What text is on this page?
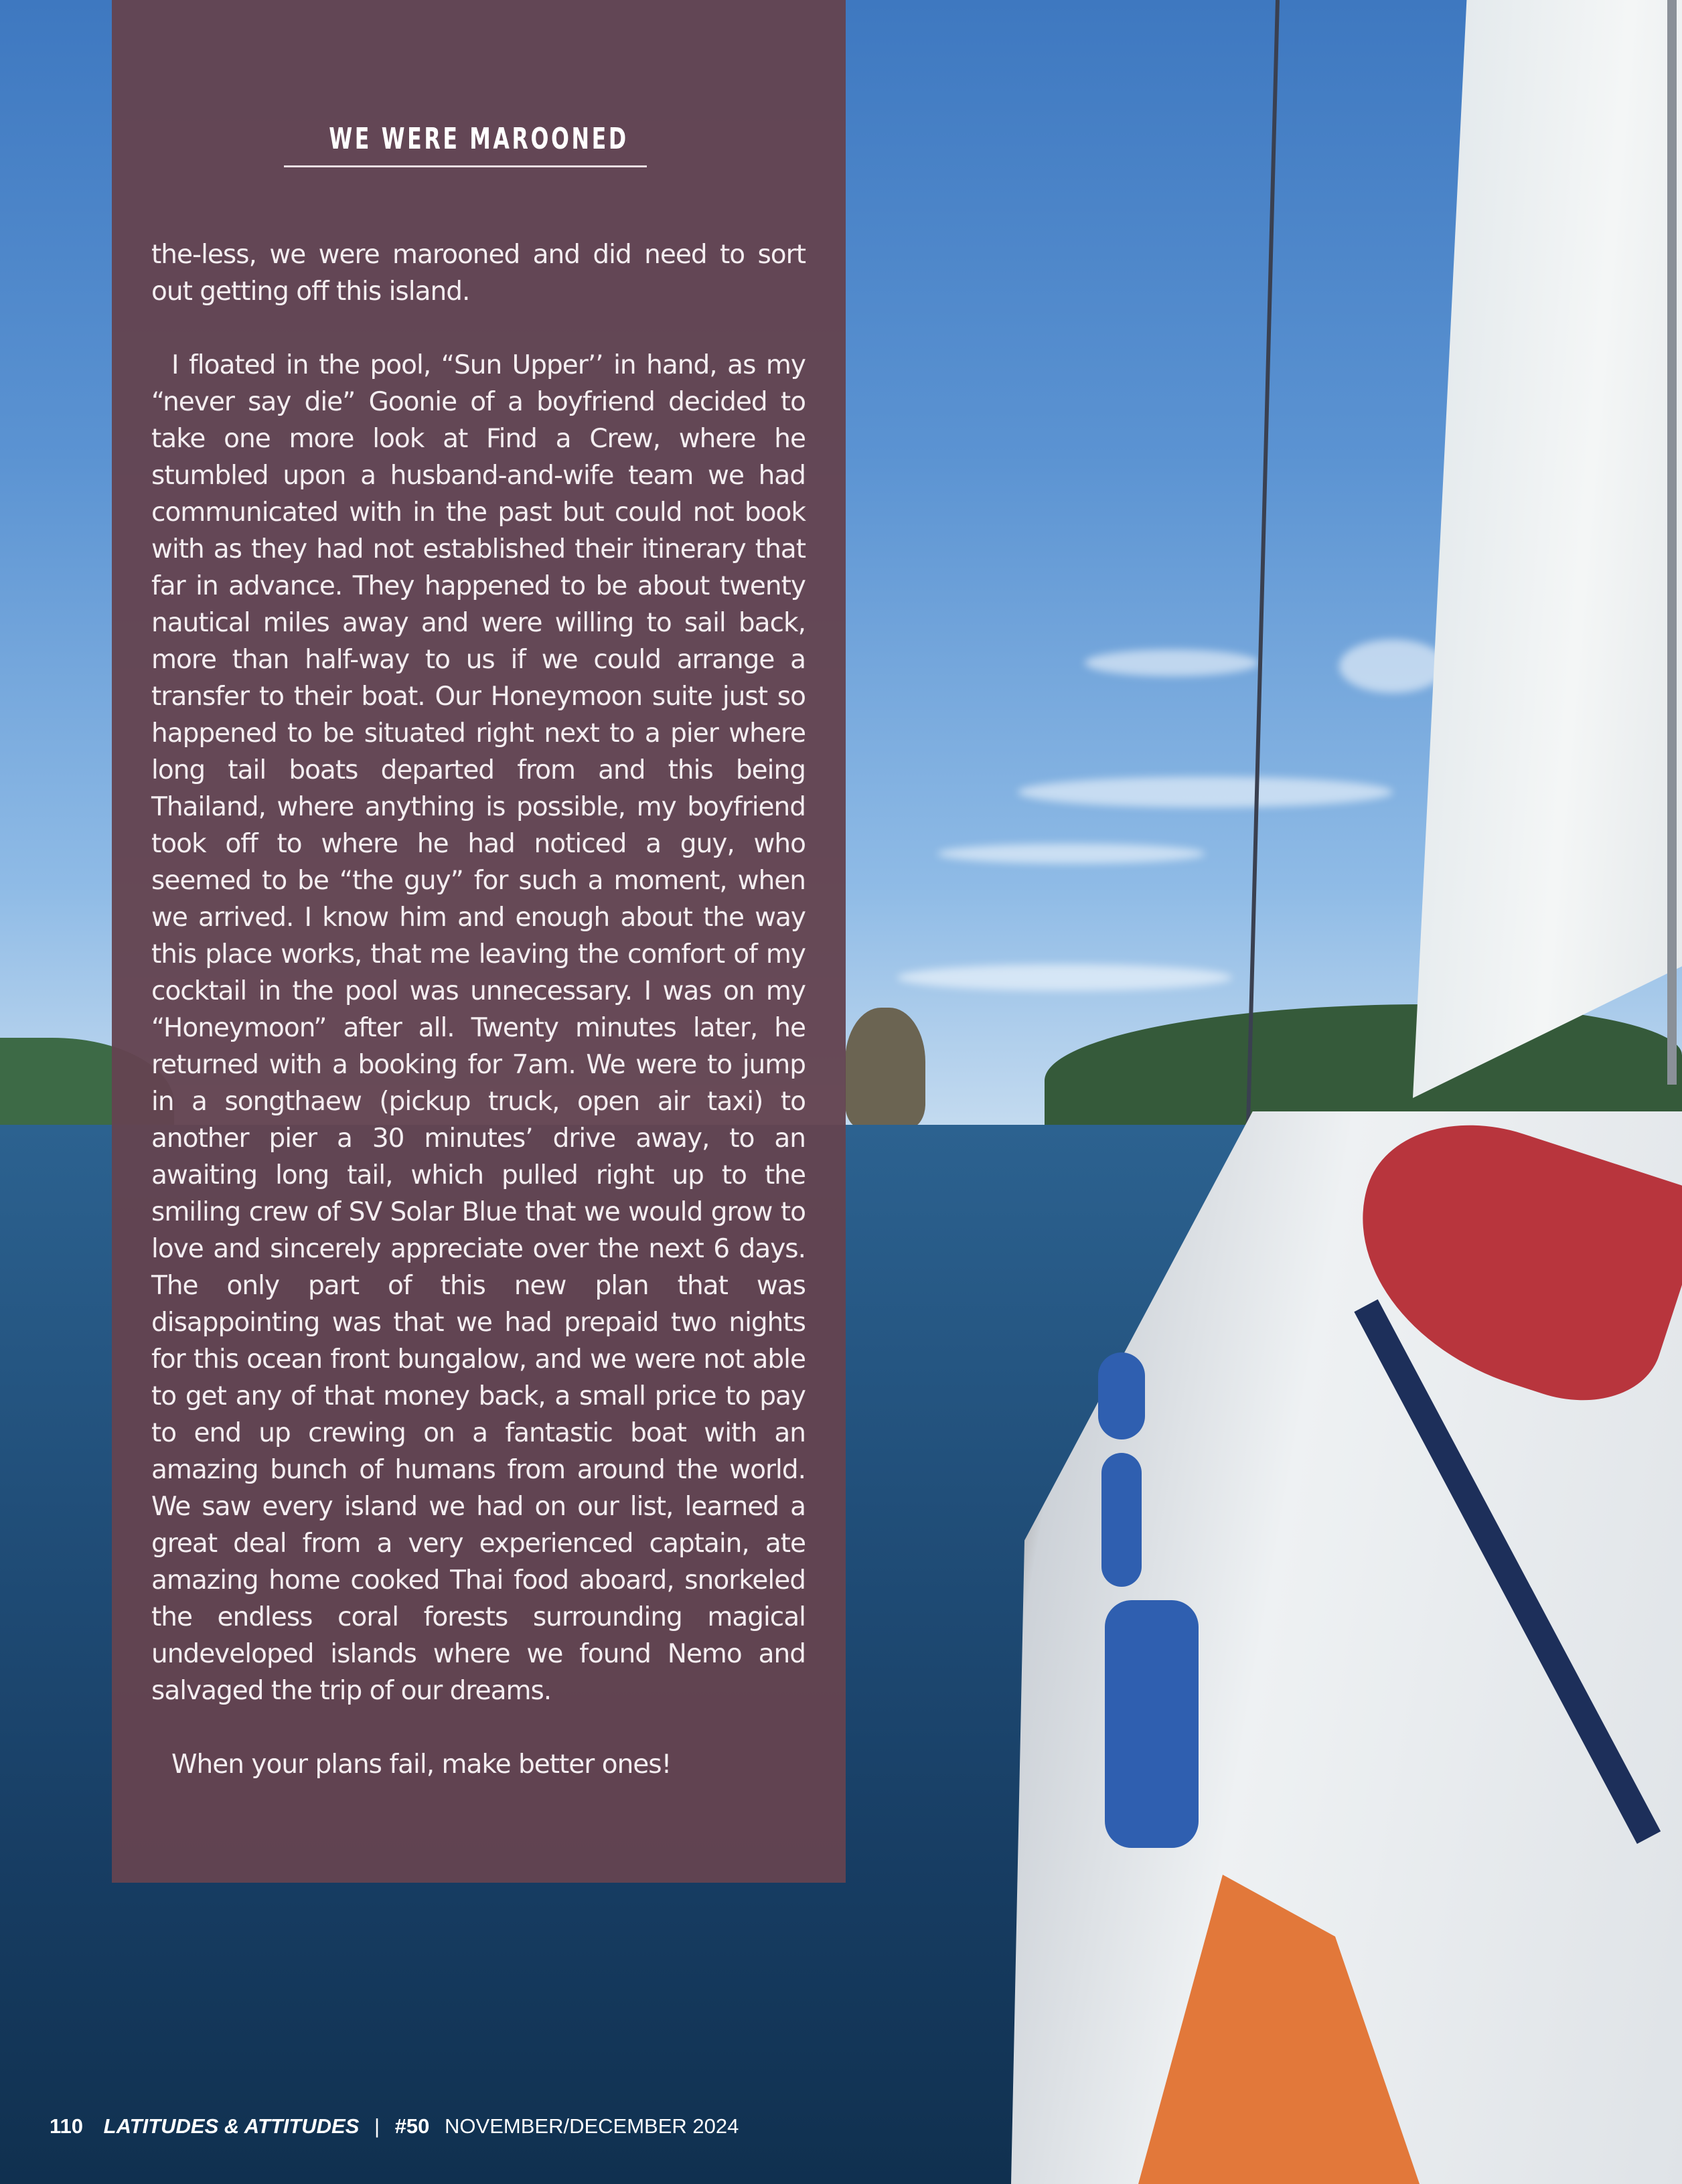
WE WERE MAROONED

the-less, we were marooned and did need to sort out getting off this island.

I floated in the pool, “Sun Upper’’ in hand, as my “never say die” Goonie of a boyfriend decided to take one more look at Find a Crew, where he stumbled upon a husband-and-wife team we had communicated with in the past but could not book with as they had not established their itinerary that far in advance. They happened to be about twenty nautical miles away and were willing to sail back, more than half-way to us if we could arrange a transfer to their boat. Our Honeymoon suite just so happened to be situated right next to a pier where long tail boats departed from and this being Thailand, where anything is possible, my boyfriend took off to where he had noticed a guy, who seemed to be “the guy” for such a moment, when we arrived. I know him and enough about the way this place works, that me leaving the comfort of my cocktail in the pool was unnecessary. I was on my “Honeymoon” after all. Twenty minutes later, he returned with a booking for 7am. We were to jump in a songthaew (pickup truck, open air taxi) to another pier a 30 minutes’ drive away, to an awaiting long tail, which pulled right up to the smiling crew of SV Solar Blue that we would grow to love and sincerely appreciate over the next 6 days. The only part of this new plan that was disappointing was that we had prepaid two nights for this ocean front bungalow, and we were not able to get any of that money back, a small price to pay to end up crewing on a fantastic boat with an amazing bunch of humans from around the world. We saw every island we had on our list, learned a great deal from a very experienced captain, ate amazing home cooked Thai food aboard, snorkeled the endless coral forests surrounding magical undeveloped islands where we found Nemo and salvaged the trip of our dreams.

When your plans fail, make better ones!

110 LATITUDES & ATTITUDES | #50 NOVEMBER/DECEMBER 2024
